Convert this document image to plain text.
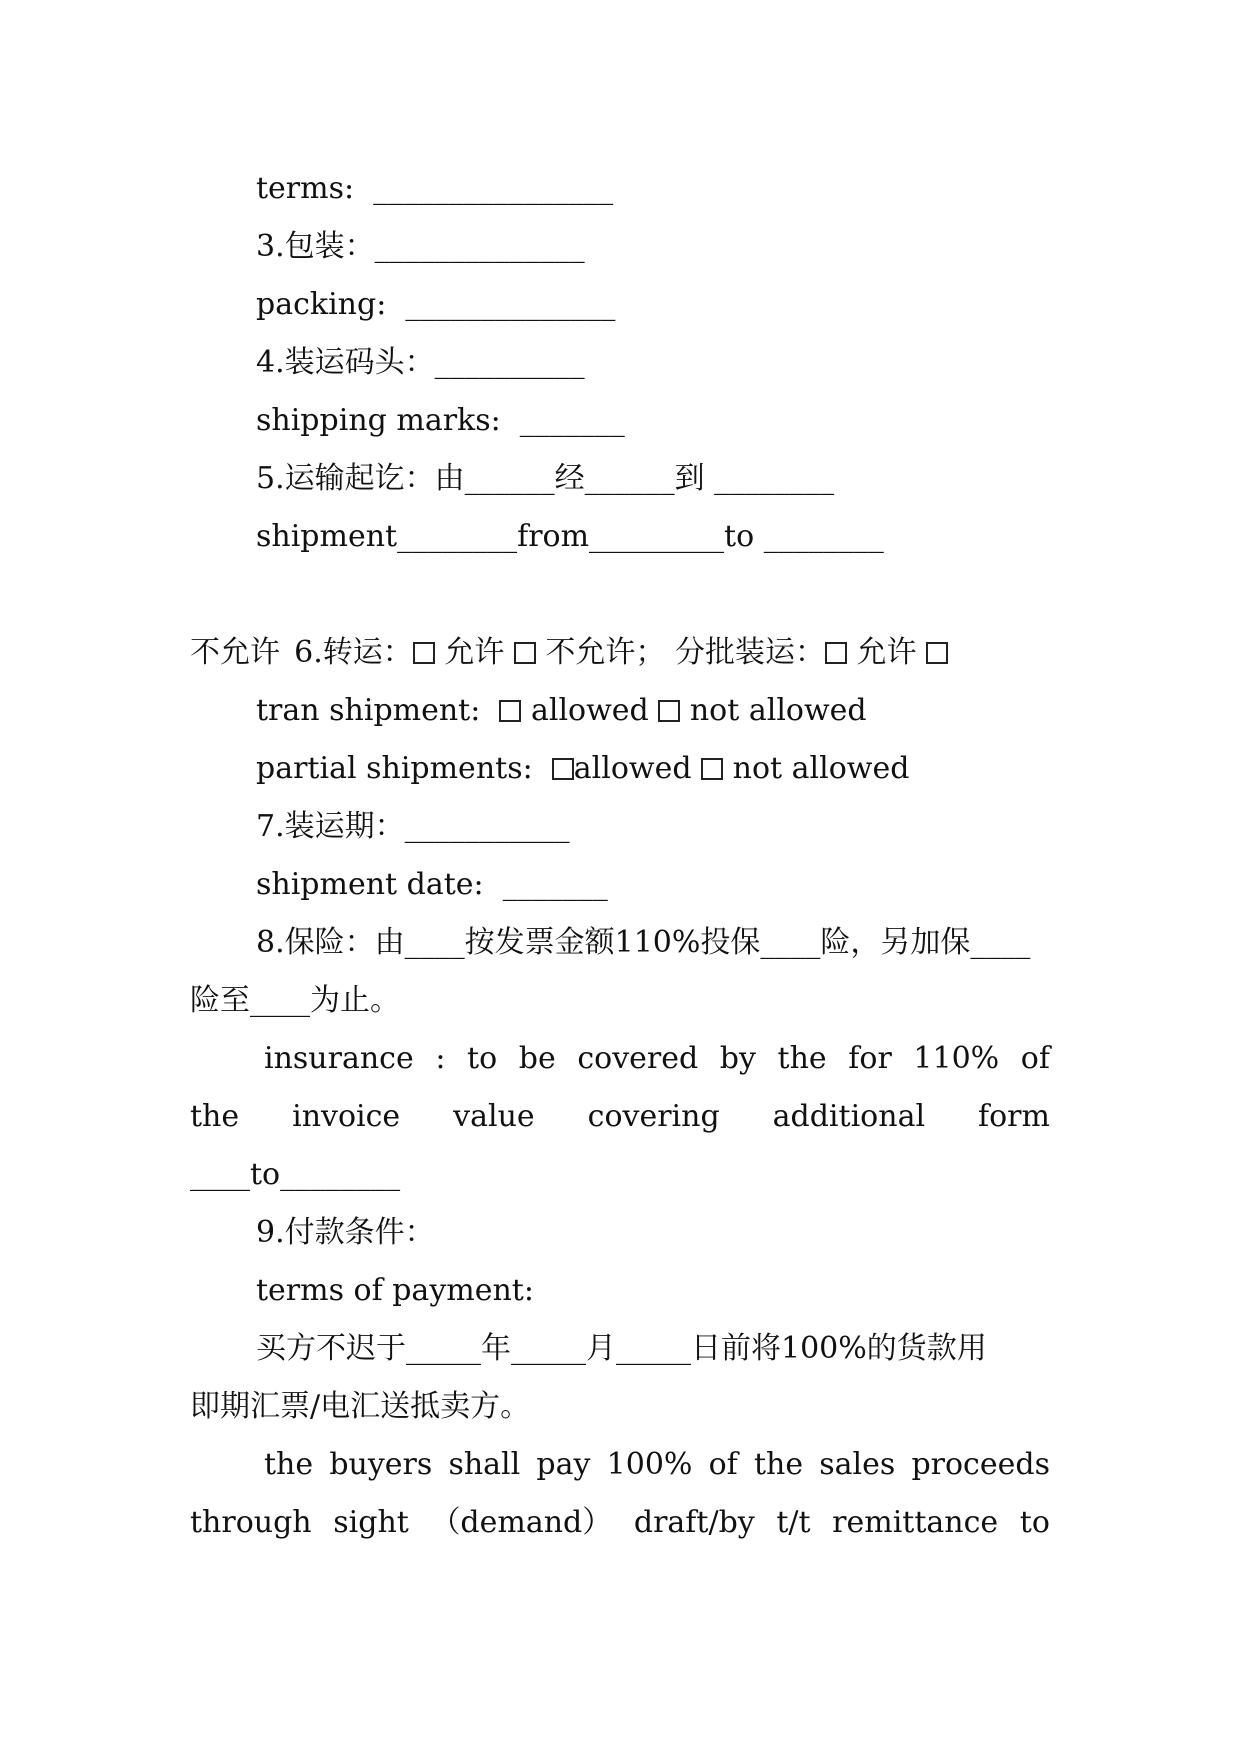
terms:  ________________

3.包装：______________

packing:  ______________

4.装运码头：__________

shipping marks:  _______

5.运输起讫：由______经______到 ________

shipment________from_________to ________

6.转运： 允许 不允许； 分批装运： 允许

不允许

tran shipment:   allowed not allowed

partial shipments:  allowed not allowed

7.装运期：___________

shipment date:  _______

8.保险：由____按发票金额110%投保____险，另加保____

险至____为止。

insurance : to be covered by the for 110% of

the invoice value covering additional form

____to________

9.付款条件：

terms of payment:

买方不迟于_____年_____月_____日前将100%的货款用

即期汇票/电汇送抵卖方。

the buyers shall pay 100% of the sales proceeds

through sight （demand） draft/by t/t remittance to
